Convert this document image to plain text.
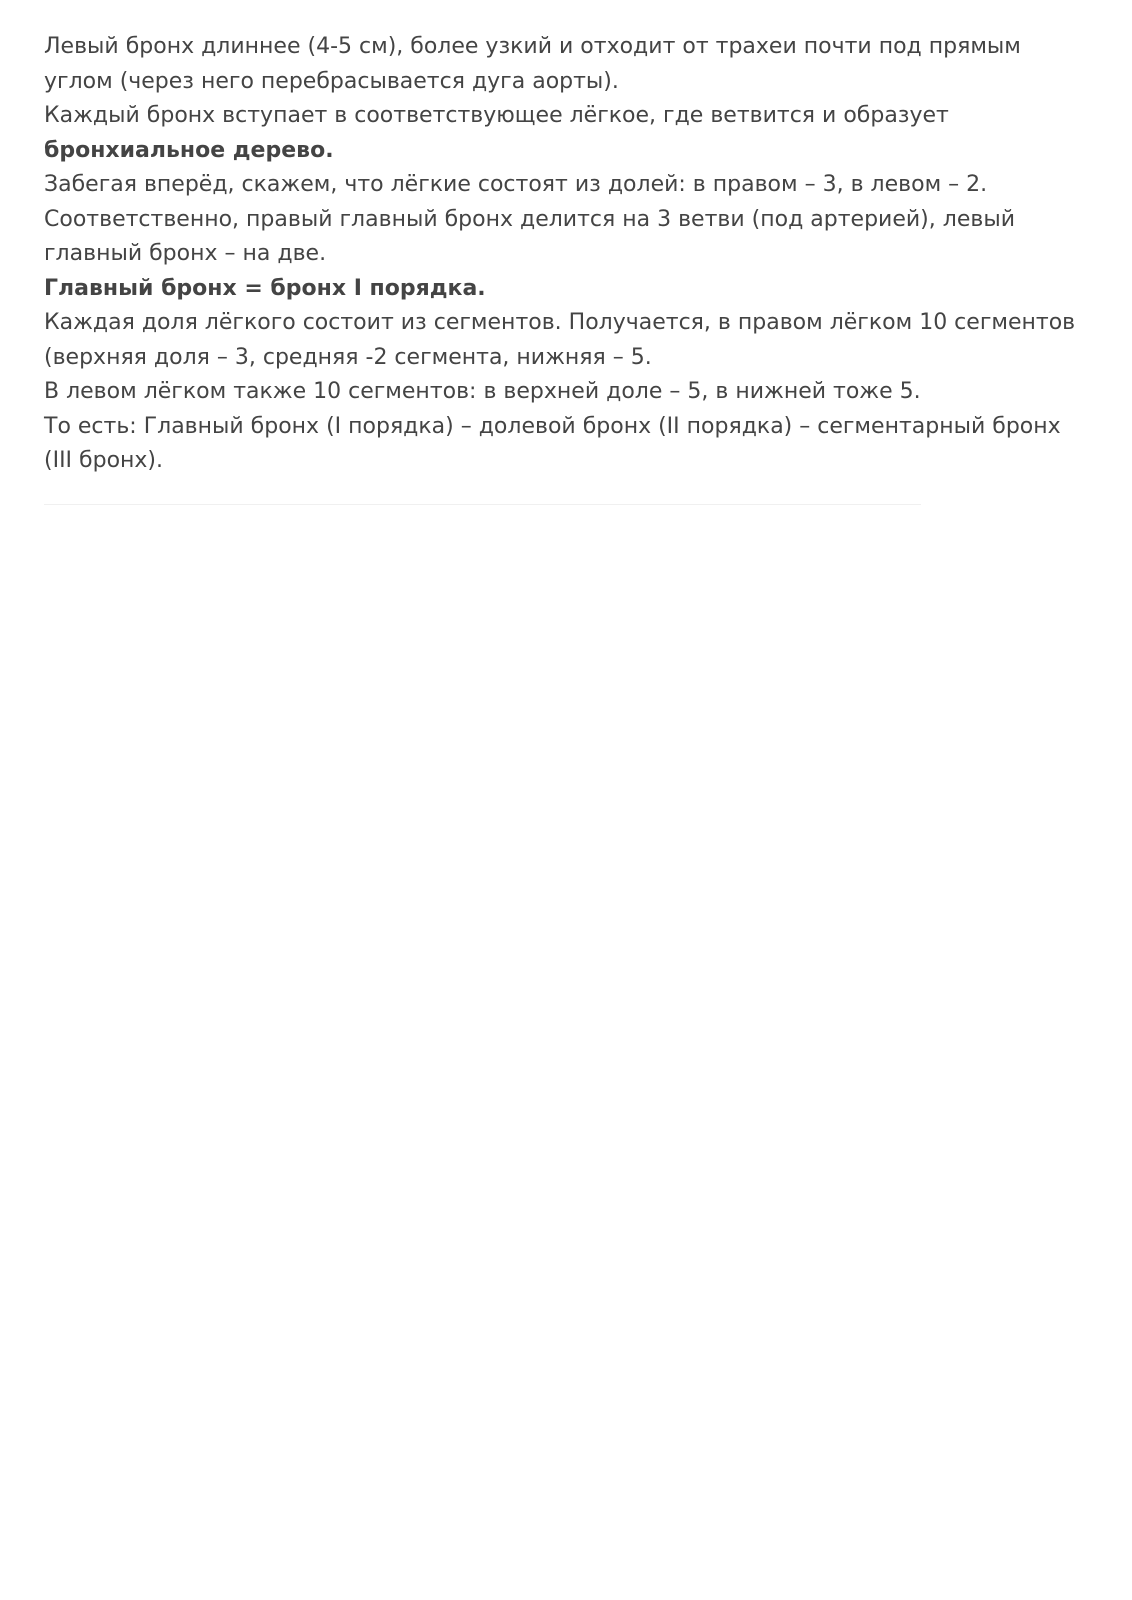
Левый бронх длиннее (4-5 см), более узкий и отходит от трахеи почти под прямым углом (через него перебрасывается дуга аорты).

Каждый бронх вступает в соответствующее лёгкое, где ветвится и образует бронхиальное дерево.

Забегая вперёд, скажем, что лёгкие состоят из долей: в правом – 3, в левом – 2.

Соответственно, правый главный бронх делится на 3 ветви (под артерией), левый главный бронх – на две.

Главный бронх = бронх I порядка.

Каждая доля лёгкого состоит из сегментов. Получается, в правом лёгком 10 сегментов (верхняя доля – 3, средняя -2 сегмента, нижняя – 5.

В левом лёгком также 10 сегментов: в верхней доле – 5, в нижней тоже 5.

То есть: Главный бронх (I порядка) – долевой бронх (II порядка) – сегментарный бронх (III бронх).
